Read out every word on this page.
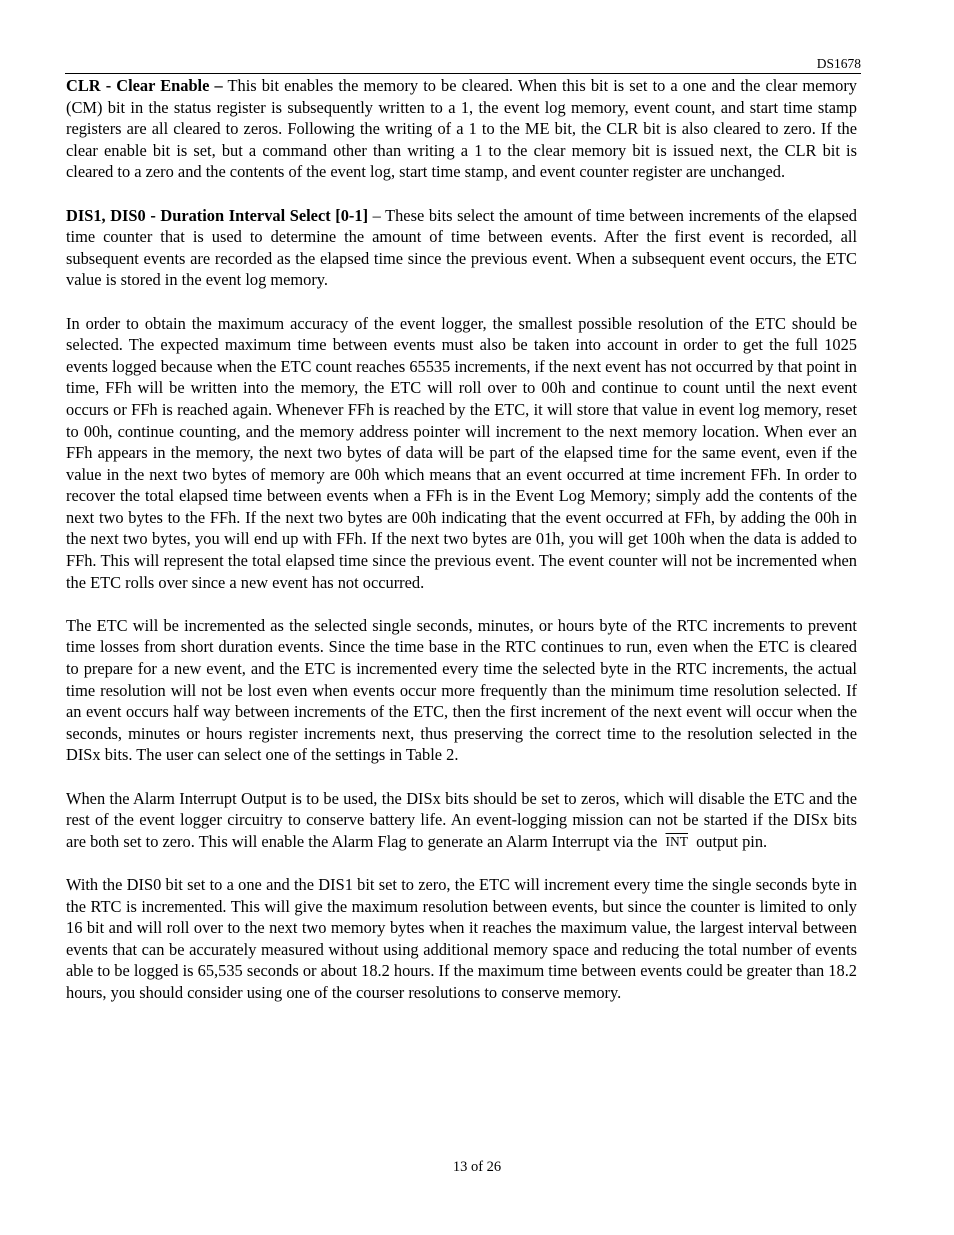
DS1678

CLR - Clear Enable – This bit enables the memory to be cleared. When this bit is set to a one and the clear memory (CM) bit in the status register is subsequently written to a 1, the event log memory, event count, and start time stamp registers are all cleared to zeros. Following the writing of a 1 to the ME bit, the CLR bit is also cleared to zero. If the clear enable bit is set, but a command other than writing a 1 to the clear memory bit is issued next, the CLR bit is cleared to a zero and the contents of the event log, start time stamp, and event counter register are unchanged.

DIS1, DIS0 - Duration Interval Select [0-1] – These bits select the amount of time between increments of the elapsed time counter that is used to determine the amount of time between events. After the first event is recorded, all subsequent events are recorded as the elapsed time since the previous event. When a subsequent event occurs, the ETC value is stored in the event log memory.

In order to obtain the maximum accuracy of the event logger, the smallest possible resolution of the ETC should be selected. The expected maximum time between events must also be taken into account in order to get the full 1025 events logged because when the ETC count reaches 65535 increments, if the next event has not occurred by that point in time, FFh will be written into the memory, the ETC will roll over to 00h and continue to count until the next event occurs or FFh is reached again. Whenever FFh is reached by the ETC, it will store that value in event log memory, reset to 00h, continue counting, and the memory address pointer will increment to the next memory location. When ever an FFh appears in the memory, the next two bytes of data will be part of the elapsed time for the same event, even if the value in the next two bytes of memory are 00h which means that an event occurred at time increment FFh. In order to recover the total elapsed time between events when a FFh is in the Event Log Memory; simply add the contents of the next two bytes to the FFh. If the next two bytes are 00h indicating that the event occurred at FFh, by adding the 00h in the next two bytes, you will end up with FFh. If the next two bytes are 01h, you will get 100h when the data is added to FFh. This will represent the total elapsed time since the previous event. The event counter will not be incremented when the ETC rolls over since a new event has not occurred.

The ETC will be incremented as the selected single seconds, minutes, or hours byte of the RTC increments to prevent time losses from short duration events. Since the time base in the RTC continues to run, even when the ETC is cleared to prepare for a new event, and the ETC is incremented every time the selected byte in the RTC increments, the actual time resolution will not be lost even when events occur more frequently than the minimum time resolution selected. If an event occurs half way between increments of the ETC, then the first increment of the next event will occur when the seconds, minutes or hours register increments next, thus preserving the correct time to the resolution selected in the DISx bits. The user can select one of the settings in Table 2.

When the Alarm Interrupt Output is to be used, the DISx bits should be set to zeros, which will disable the ETC and the rest of the event logger circuitry to conserve battery life. An event-logging mission can not be started if the DISx bits are both set to zero. This will enable the Alarm Flag to generate an Alarm Interrupt via the $\overline{INT}$ output pin.

With the DIS0 bit set to a one and the DIS1 bit set to zero, the ETC will increment every time the single seconds byte in the RTC is incremented. This will give the maximum resolution between events, but since the counter is limited to only 16 bit and will roll over to the next two memory bytes when it reaches the maximum value, the largest interval between events that can be accurately measured without using additional memory space and reducing the total number of events able to be logged is 65,535 seconds or about 18.2 hours. If the maximum time between events could be greater than 18.2 hours, you should consider using one of the courser resolutions to conserve memory.

13 of 26
